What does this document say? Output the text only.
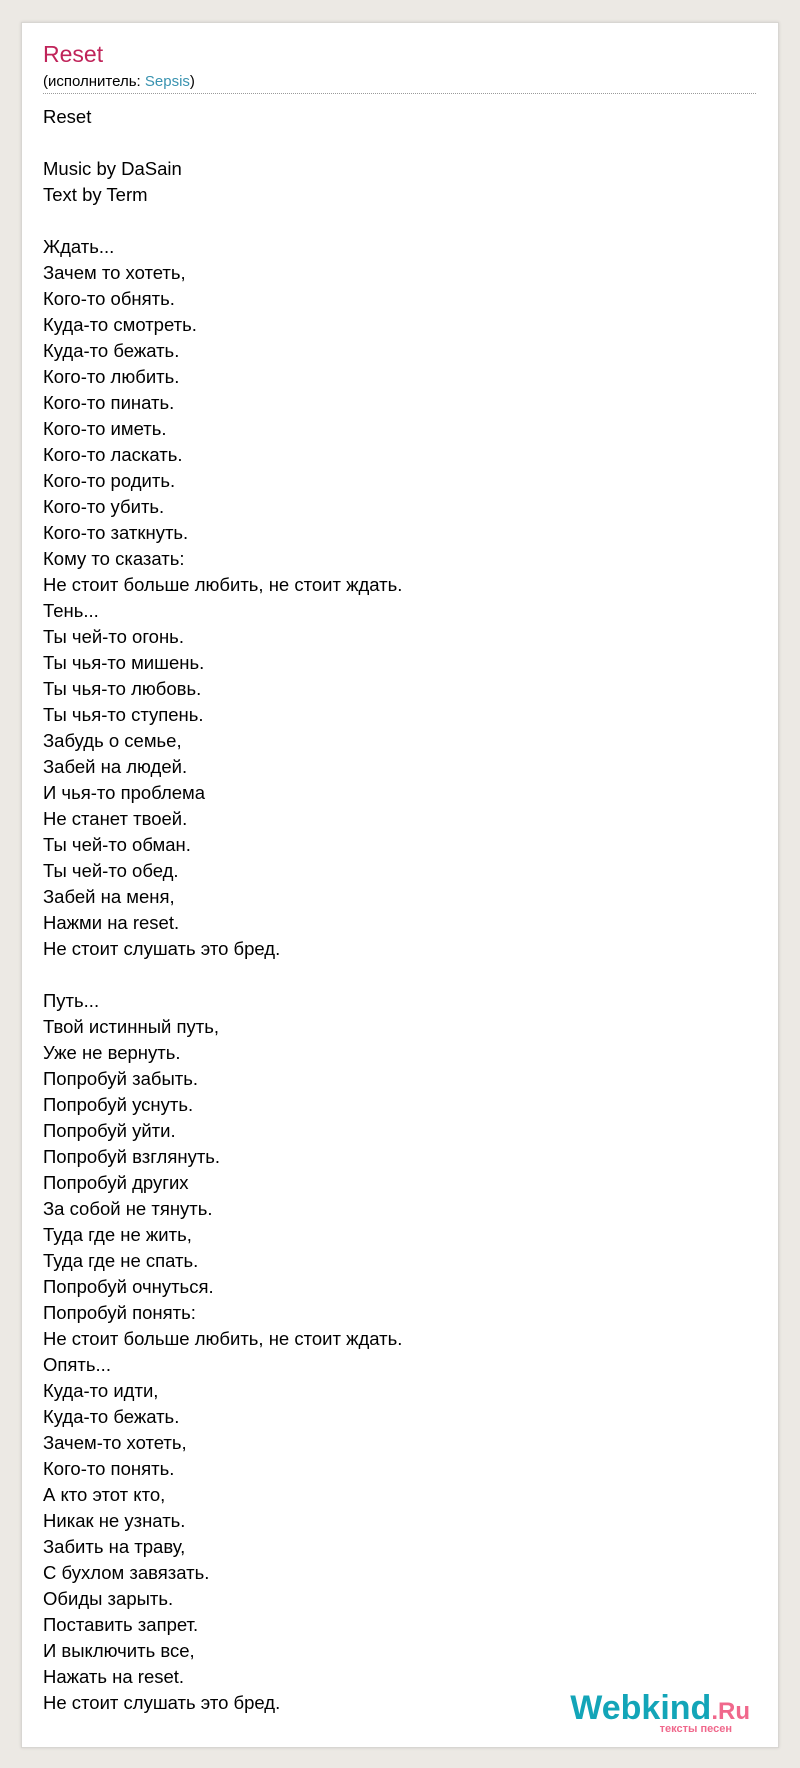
Reset
(исполнитель: Sepsis)
Reset
Music by DaSain
Text by Term
Ждать...
Зачем то хотеть,
Кого-то обнять.
Куда-то смотреть.
Куда-то бежать.
Кого-то любить.
Кого-то пинать.
Кого-то иметь.
Кого-то ласкать.
Кого-то родить.
Кого-то убить.
Кого-то заткнуть.
Кому то сказать:
Не стоит больше любить, не стоит ждать.
Тень...
Ты чей-то огонь.
Ты чья-то мишень.
Ты чья-то любовь.
Ты чья-то ступень.
Забудь о семье,
Забей на людей.
И чья-то проблема
Не станет твоей.
Ты чей-то обман.
Ты чей-то обед.
Забей на меня,
Нажми на reset.
Не стоит слушать это бред.
Путь...
Твой истинный путь,
Уже не вернуть.
Попробуй забыть.
Попробуй уснуть.
Попробуй уйти.
Попробуй взглянуть.
Попробуй других
За собой не тянуть.
Туда где не жить,
Туда где не спать.
Попробуй очнуться.
Попробуй понять:
Не стоит больше любить, не стоит ждать.
Опять...
Куда-то идти,
Куда-то бежать.
Зачем-то хотеть,
Кого-то понять.
А кто этот кто,
Никак не узнать.
Забить на траву,
С бухлом завязать.
Обиды зарыть.
Поставить запрет.
И выключить все,
Нажать на reset.
Не стоит слушать это бред.	Webkind.Ru
тексты песен
